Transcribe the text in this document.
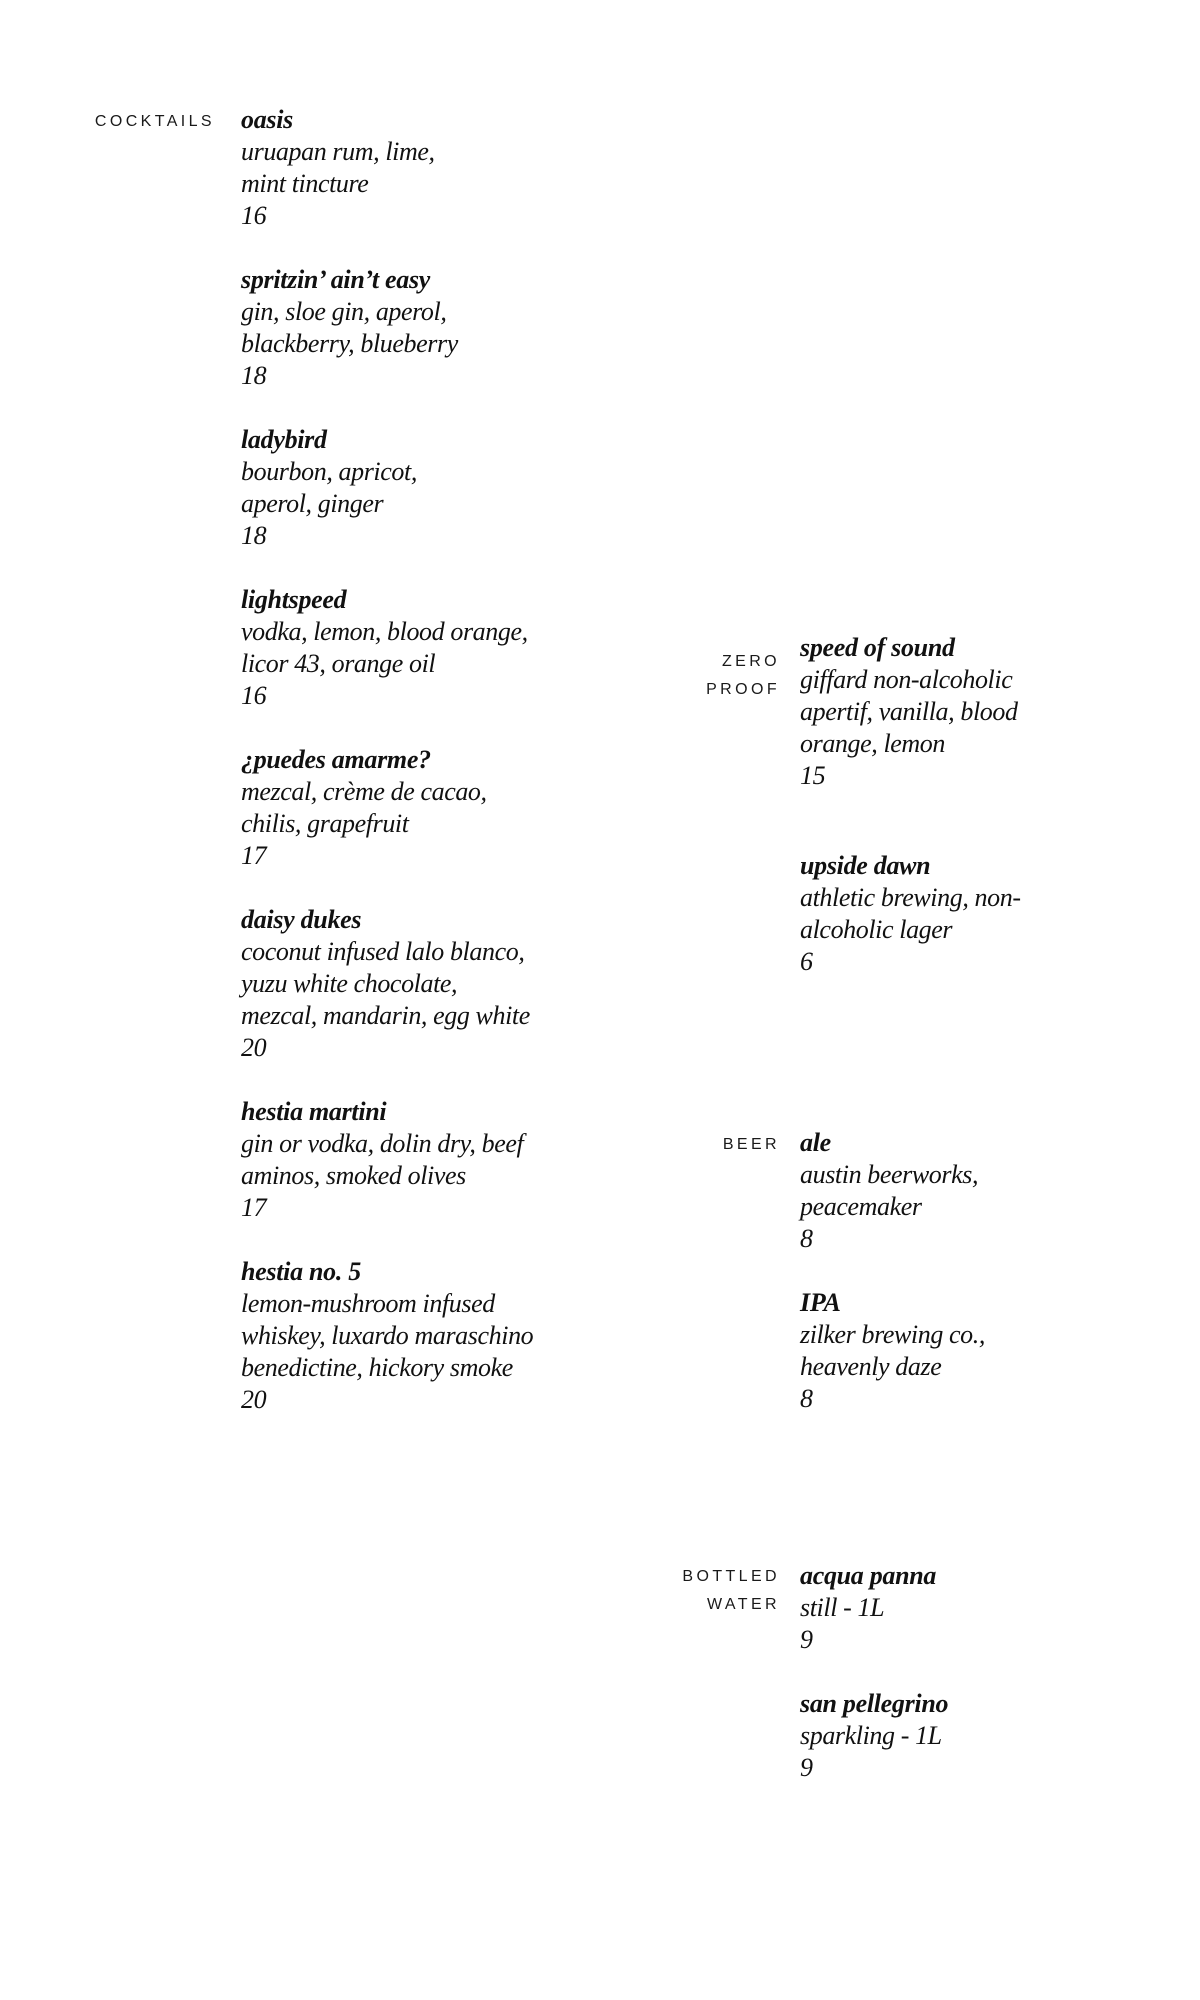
COCKTAILS oasis
uruapan rum, lime,
mint tincture
16
spritzin’ ain’t easy
gin, sloe gin, aperol,
blackberry, blueberry
18
ladybird
bourbon, apricot,
aperol, ginger
18
lightspeed
vodka, lemon, blood orange,
licor 43, orange oil
16
¿puedes amarme?
mezcal, crème de cacao,
chilis, grapefruit
17
daisy dukes
coconut infused lalo blanco,
yuzu white chocolate,
mezcal, mandarin, egg white
20
hestia martini
gin or vodka, dolin dry, beef
aminos, smoked olives
17
hestia no. 5
lemon-mushroom infused
whiskey, luxardo maraschino
benedictine, hickory smoke
20
ZERO
PROOF
speed of sound
giffard non-alcoholic
apertif, vanilla, blood
orange, lemon
15
upside dawn
athletic brewing, non-
alcoholic lager
6
BEER ale
austin beerworks,
peacemaker
8
IPA
zilker brewing co.,
heavenly daze
8
BOTTLED
WATER
acqua panna
still - 1L
9
san pellegrino
sparkling - 1L
9
